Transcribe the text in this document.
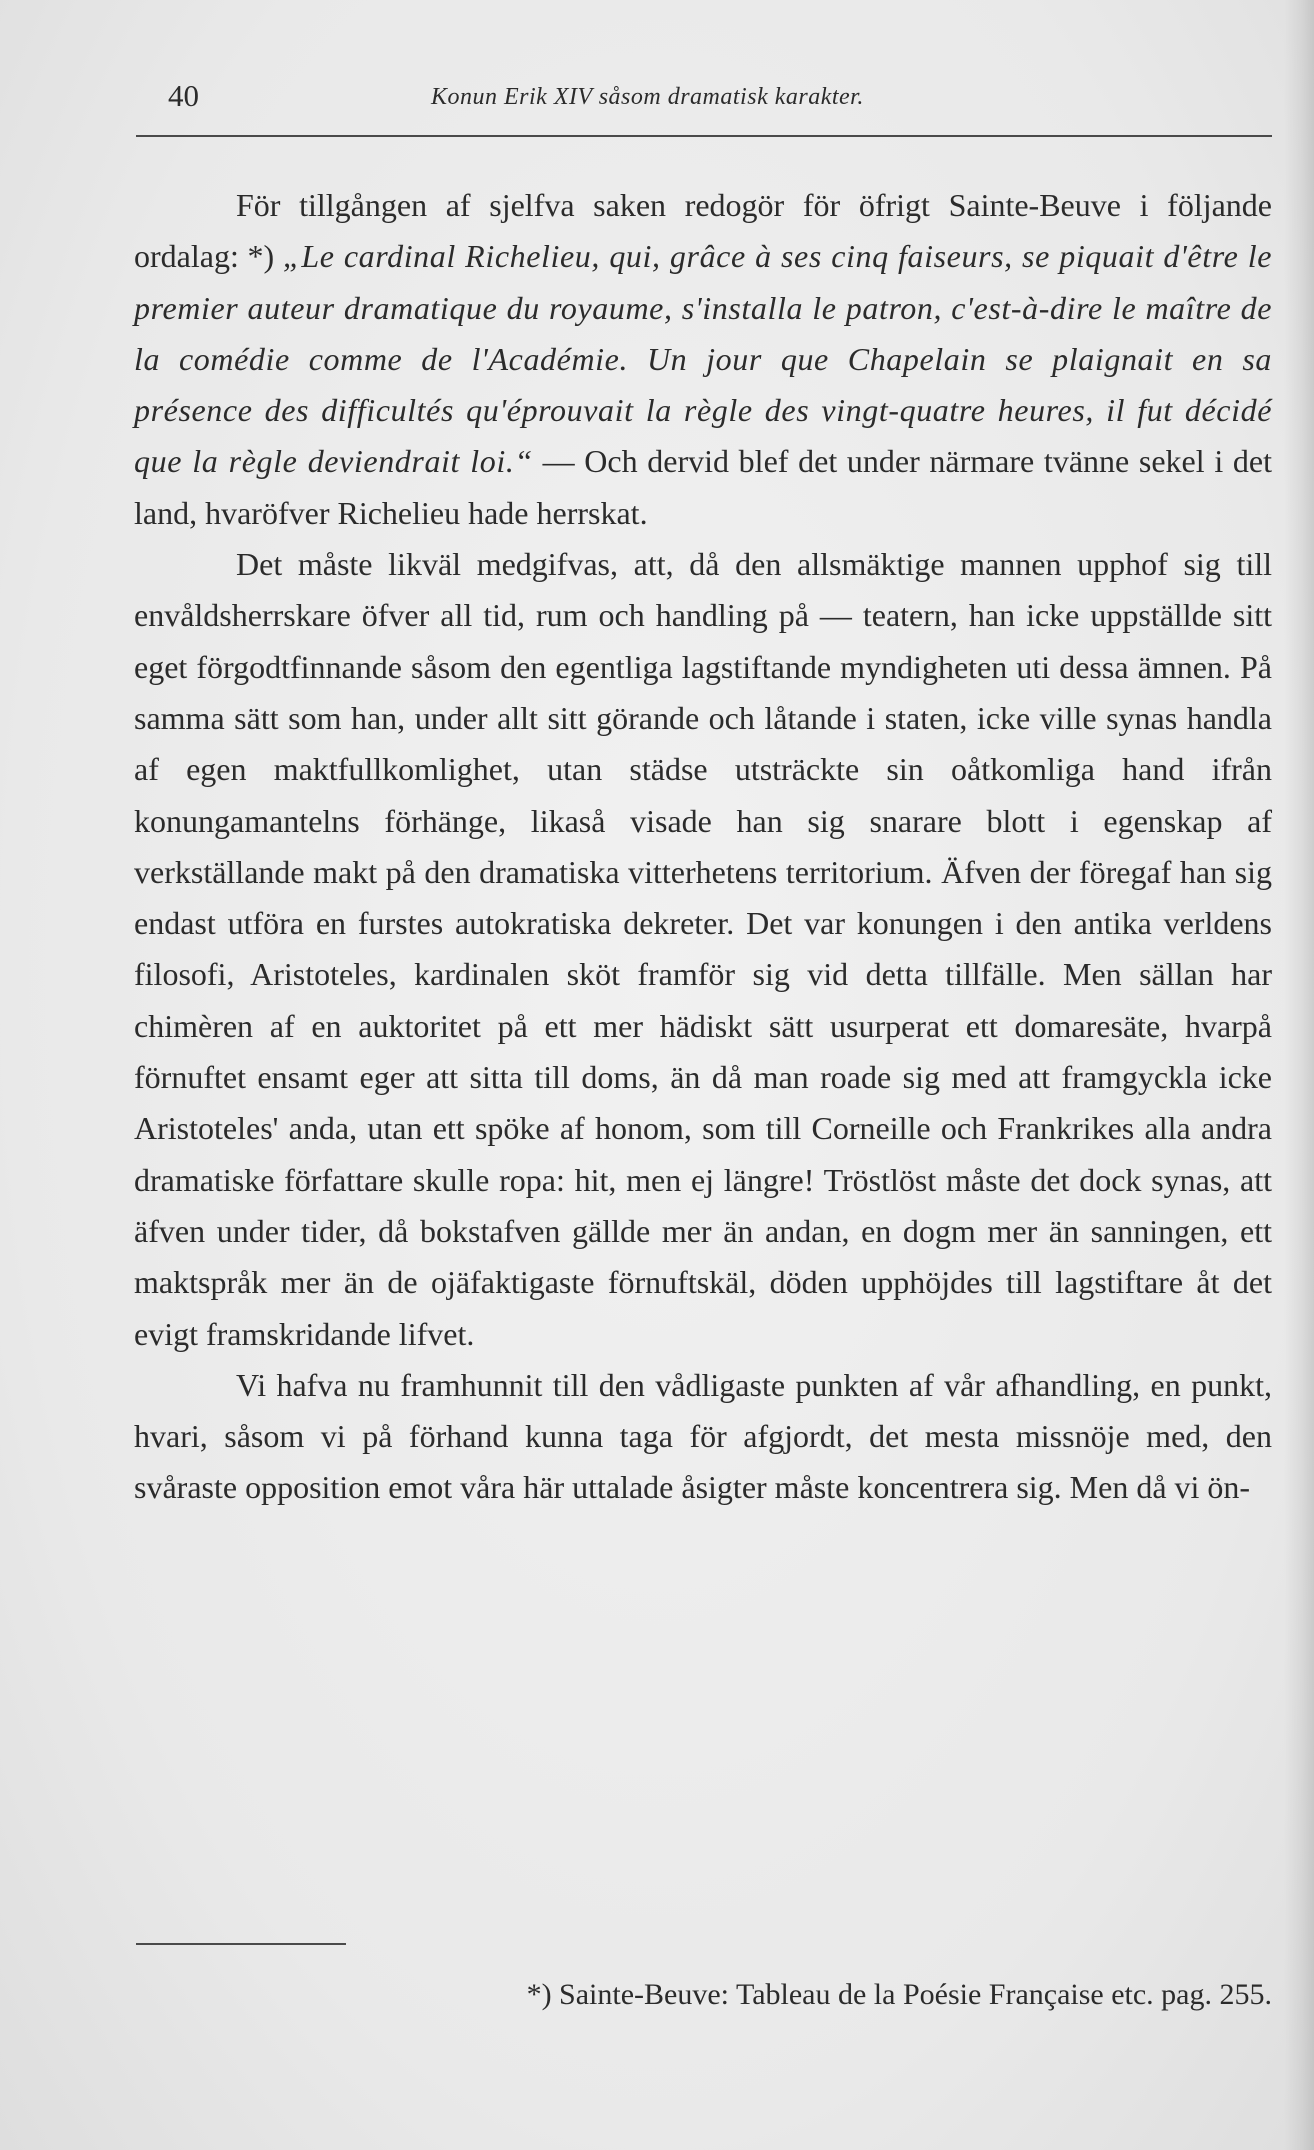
40	Konun Erik XIV såsom dramatisk karakter.

För tillgången af sjelfva saken redogör för öfrigt Sainte-Beuve i följande ordalag: *) „Le cardinal Richelieu, qui, grâce à ses cinq faiseurs, se piquait d'être le premier auteur dramatique du royaume, s'installa le patron, c'est-à-dire le maître de la comédie comme de l'Académie. Un jour que Chapelain se plaignait en sa présence des difficultés qu'éprouvait la règle des vingt-quatre heures, il fut décidé que la règle deviendrait loi.“ — Och dervid blef det under närmare tvänne sekel i det land, hvaröfver Richelieu hade herrskat.

Det måste likväl medgifvas, att, då den allsmäktige mannen upphof sig till envåldsherrskare öfver all tid, rum och handling på — teatern, han icke uppställde sitt eget förgodtfinnande såsom den egentliga lagstiftande myndigheten uti dessa ämnen. På samma sätt som han, under allt sitt görande och låtande i staten, icke ville synas handla af egen maktfullkomlighet, utan städse utsträckte sin oåtkomliga hand ifrån konungamantelns förhänge, likaså visade han sig snarare blott i egenskap af verkställande makt på den dramatiska vitterhetens territorium. Äfven der föregaf han sig endast utföra en furstes autokratiska dekreter. Det var konungen i den antika verldens filosofi, Aristoteles, kardinalen sköt framför sig vid detta tillfälle. Men sällan har chimèren af en auktoritet på ett mer hädiskt sätt usurperat ett domaresäte, hvarpå förnuftet ensamt eger att sitta till doms, än då man roade sig med att framgyckla icke Aristoteles' anda, utan ett spöke af honom, som till Corneille och Frankrikes alla andra dramatiske författare skulle ropa: hit, men ej längre! Tröstlöst måste det dock synas, att äfven under tider, då bokstafven gällde mer än andan, en dogm mer än sanningen, ett maktspråk mer än de ojäfaktigaste förnuftskäl, döden upphöjdes till lagstiftare åt det evigt framskridande lifvet.

Vi hafva nu framhunnit till den vådligaste punkten af vår afhandling, en punkt, hvari, såsom vi på förhand kunna taga för afgjordt, det mesta missnöje med, den svåraste opposition emot våra här uttalade åsigter måste koncentrera sig. Men då vi ön-

*) Sainte-Beuve: Tableau de la Poésie Française etc. pag. 255.
